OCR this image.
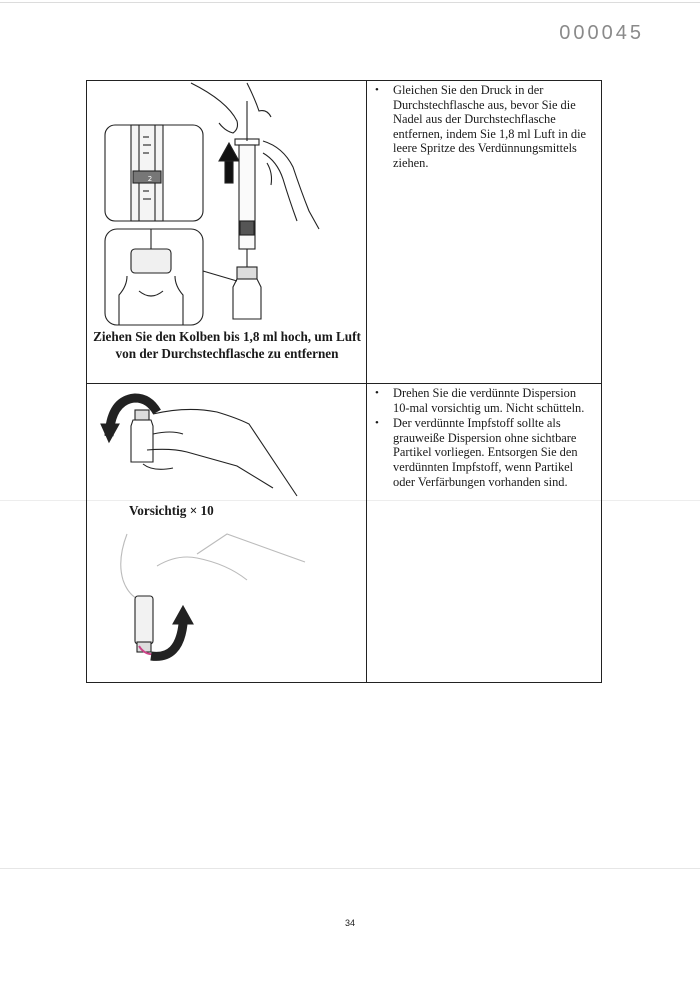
000045
2
Ziehen Sie den Kolben bis 1,8 ml hoch, um Luft von der Durchstechflasche zu entfernen
• Gleichen Sie den Druck in der Durchstechflasche aus, bevor Sie die Nadel aus der Durchstechflasche entfernen, indem Sie 1,8 ml Luft in die leere Spritze des Verdünnungsmittels ziehen.
Vorsichtig × 10
• Drehen Sie die verdünnte Dispersion 10-mal vorsichtig um. Nicht schütteln.
• Der verdünnte Impfstoff sollte als grauweiße Dispersion ohne sichtbare Partikel vorliegen. Entsorgen Sie den verdünnten Impfstoff, wenn Partikel oder Verfärbungen vorhanden sind.
34
